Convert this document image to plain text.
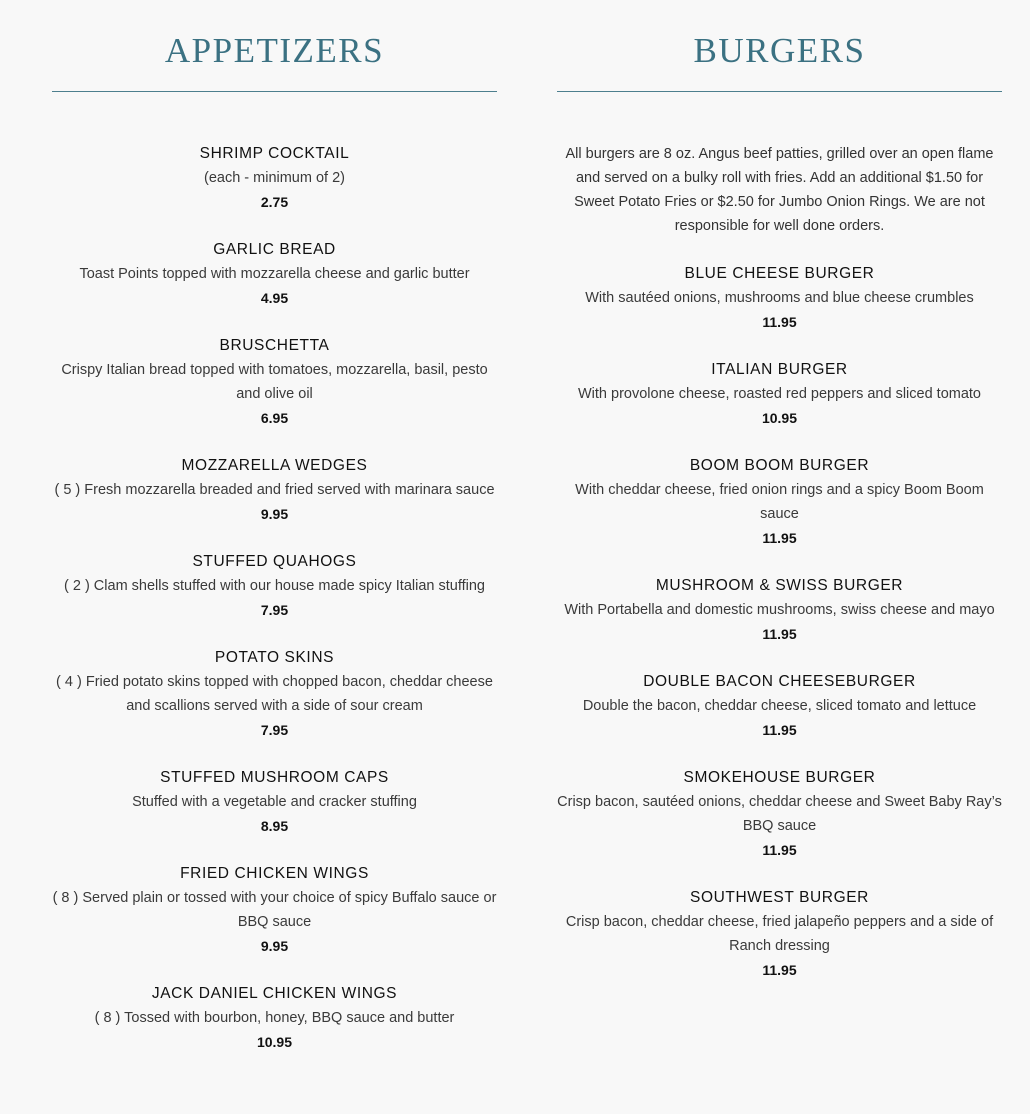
APPETIZERS
SHRIMP COCKTAIL
(each - minimum of 2)
2.75
GARLIC BREAD
Toast Points topped with mozzarella cheese and garlic butter
4.95
BRUSCHETTA
Crispy Italian bread topped with tomatoes, mozzarella, basil, pesto and olive oil
6.95
MOZZARELLA WEDGES
( 5 ) Fresh mozzarella breaded and fried served with marinara sauce
9.95
STUFFED QUAHOGS
( 2 ) Clam shells stuffed with our house made spicy Italian stuffing
7.95
POTATO SKINS
( 4 ) Fried potato skins topped with chopped bacon, cheddar cheese and scallions served with a side of sour cream
7.95
STUFFED MUSHROOM CAPS
Stuffed with a vegetable and cracker stuffing
8.95
FRIED CHICKEN WINGS
( 8 ) Served plain or tossed with your choice of spicy Buffalo sauce or BBQ sauce
9.95
JACK DANIEL CHICKEN WINGS
( 8 ) Tossed with bourbon, honey, BBQ sauce and butter
10.95
BURGERS

All burgers are 8 oz. Angus beef patties, grilled over an open flame and served on a bulky roll with fries. Add an additional $1.50 for Sweet Potato Fries or $2.50 for Jumbo Onion Rings. We are not responsible for well done orders.

BLUE CHEESE BURGER
With sautéed onions, mushrooms and blue cheese crumbles
11.95
ITALIAN BURGER
With provolone cheese, roasted red peppers and sliced tomato
10.95
BOOM BOOM BURGER
With cheddar cheese, fried onion rings and a spicy Boom Boom sauce
11.95
MUSHROOM & SWISS BURGER
With Portabella and domestic mushrooms, swiss cheese and mayo
11.95
DOUBLE BACON CHEESEBURGER
Double the bacon, cheddar cheese, sliced tomato and lettuce
11.95
SMOKEHOUSE BURGER
Crisp bacon, sautéed onions, cheddar cheese and Sweet Baby Ray’s BBQ sauce
11.95
SOUTHWEST BURGER
Crisp bacon, cheddar cheese, fried jalapeño peppers and a side of Ranch dressing
11.95
